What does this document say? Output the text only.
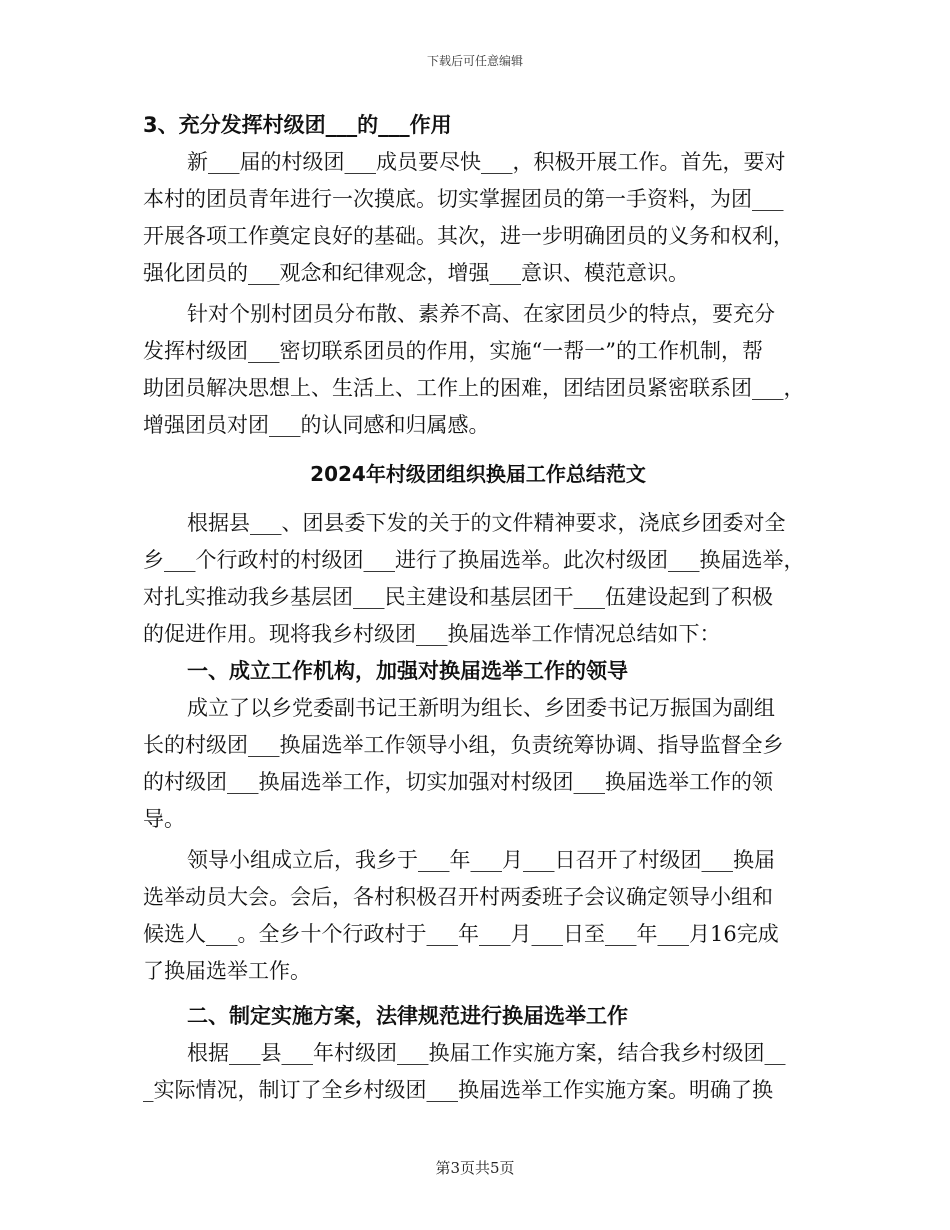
下载后可任意编辑
3、充分发挥村级团___的___作用
新___届的村级团___成员要尽快___，积极开展工作。首先，要对
本村的团员青年进行一次摸底。切实掌握团员的第一手资料，为团___
开展各项工作奠定良好的基础。其次，进一步明确团员的义务和权利，
强化团员的___观念和纪律观念，增强___意识、模范意识。
针对个别村团员分布散、素养不高、在家团员少的特点，要充分
发挥村级团___密切联系团员的作用，实施“一帮一”的工作机制，帮
助团员解决思想上、生活上、工作上的困难，团结团员紧密联系团___，
增强团员对团___的认同感和归属感。
2024年村级团组织换届工作总结范文
根据县___、团县委下发的关于的文件精神要求，浇底乡团委对全
乡___个行政村的村级团___进行了换届选举。此次村级团___换届选举，
对扎实推动我乡基层团___民主建设和基层团干___伍建设起到了积极
的促进作用。现将我乡村级团___换届选举工作情况总结如下：
一、成立工作机构，加强对换届选举工作的领导
成立了以乡党委副书记王新明为组长、乡团委书记万振国为副组
长的村级团___换届选举工作领导小组，负责统筹协调、指导监督全乡
的村级团___换届选举工作，切实加强对村级团___换届选举工作的领
导。
领导小组成立后，我乡于___年___月___日召开了村级团___换届
选举动员大会。会后，各村积极召开村两委班子会议确定领导小组和
候选人___。全乡十个行政村于___年___月___日至___年___月16完成
了换届选举工作。
二、制定实施方案，法律规范进行换届选举工作
根据___县___年村级团___换届工作实施方案，结合我乡村级团__
_实际情况，制订了全乡村级团___换届选举工作实施方案。明确了换
第3页共5页
